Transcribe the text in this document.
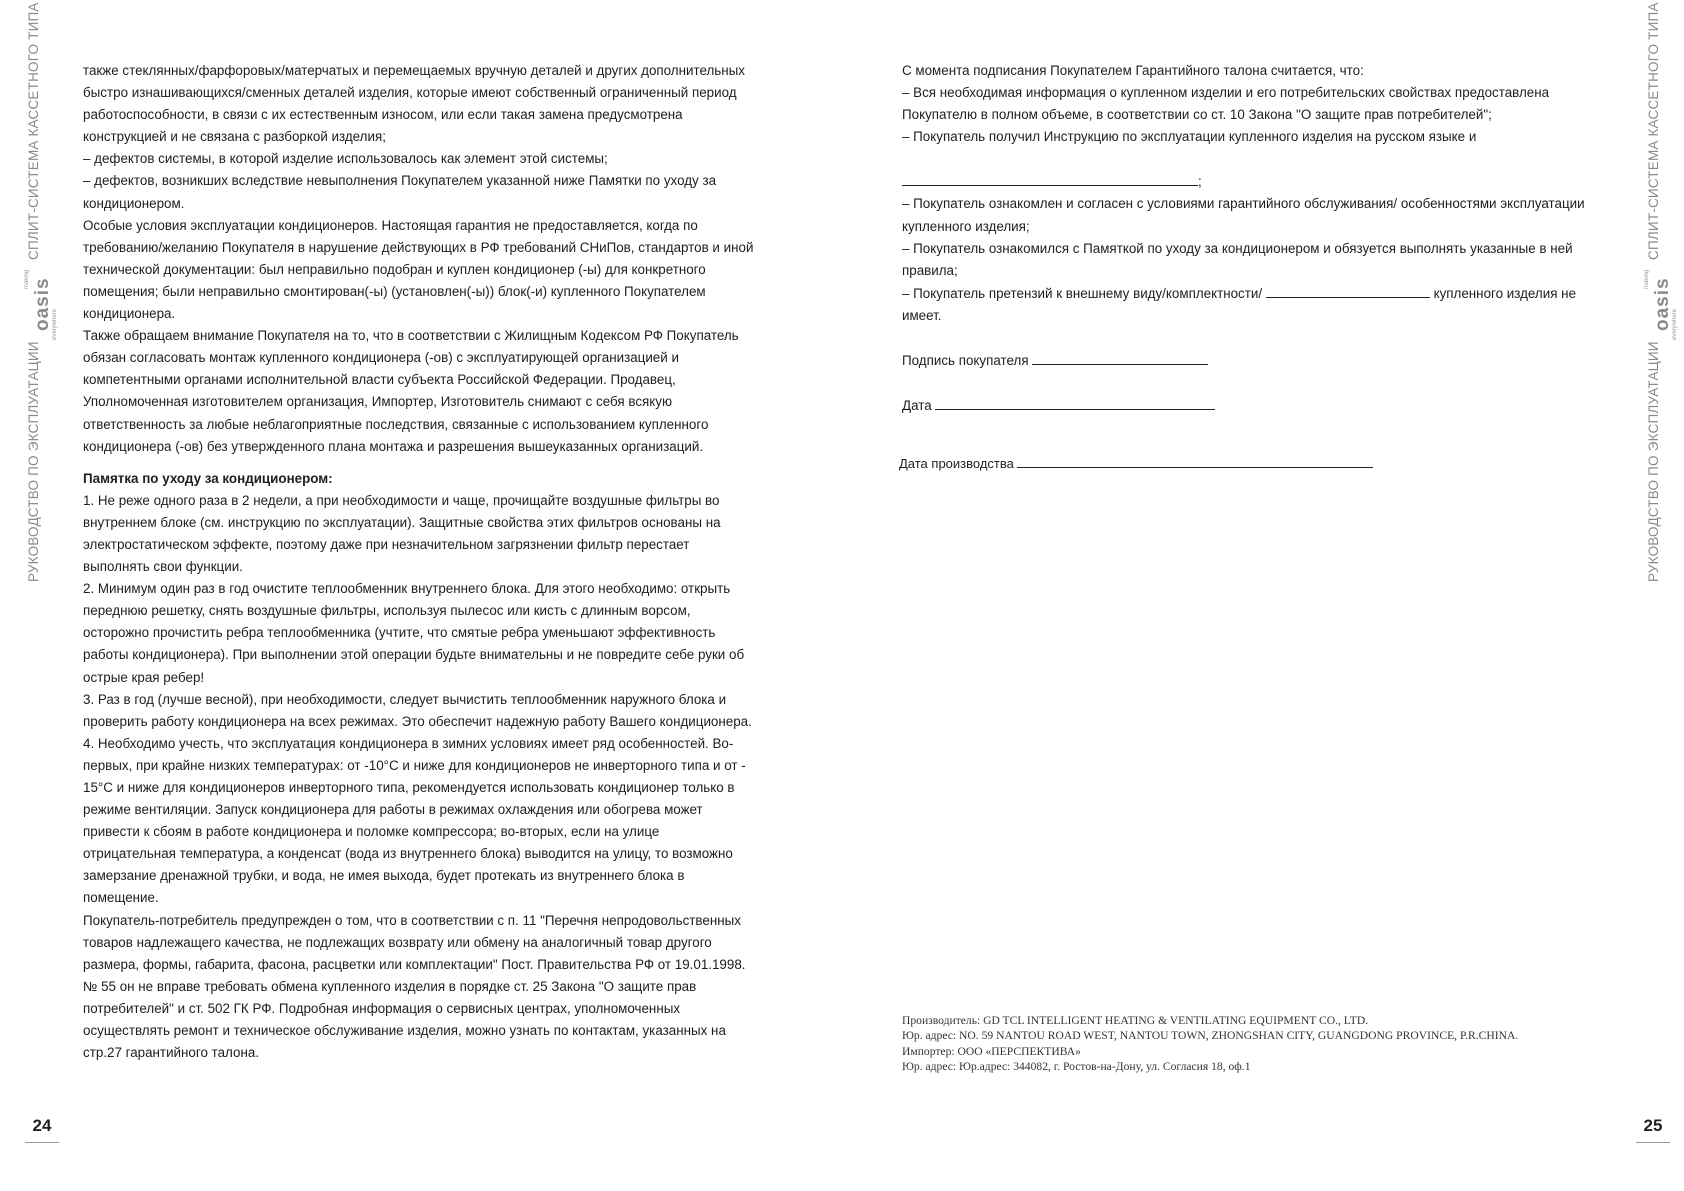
РУКОВОДСТВО ПО ЭКСПЛУАТАЦИИ
making oasis everywhere
СПЛИТ-СИСТЕМА КАССЕТНОГО ТИПА	также стеклянных/фарфоровых/матерчатых и перемещаемых вручную деталей и других дополнительных быстро изнашивающихся/сменных деталей изделия, которые имеют собственный ограниченный период работоспособности, в связи с их естественным износом, или если такая замена предусмотрена конструкцией и не связана с разборкой изделия;

– дефектов системы, в которой изделие использовалось как элемент этой системы;

– дефектов, возникших вследствие невыполнения Покупателем указанной ниже Памятки по уходу за кондиционером.

Особые условия эксплуатации кондиционеров. Настоящая гарантия не предоставляется, когда по требованию/желанию Покупателя в нарушение действующих в РФ требований СНиПов, стандартов и иной технической документации: был неправильно подобран и куплен кондиционер (-ы) для конкретного помещения; были неправильно смонтирован(-ы) (установлен(-ы)) блок(-и) купленного Покупателем кондиционера.

Также обращаем внимание Покупателя на то, что в соответствии с Жилищным Кодексом РФ Покупатель обязан согласовать монтаж купленного кондиционера (-ов) с эксплуатирующей организацией и компетентными органами исполнительной власти субъекта Российской Федерации. Продавец, Уполномоченная изготовителем организация, Импортер, Изготовитель снимают с себя всякую ответственность за любые неблагоприятные последствия, связанные с использованием купленного кондиционера (-ов) без утвержденного плана монтажа и разрешения вышеуказанных организаций.

Памятка по уходу за кондиционером:

1. Не реже одного раза в 2 недели, а при необходимости и чаще, прочищайте воздушные фильтры во внутреннем блоке (см. инструкцию по эксплуатации). Защитные свойства этих фильтров основаны на электростатическом эффекте, поэтому даже при незначительном загрязнении фильтр перестает выполнять свои функции.

2. Минимум один раз в год очистите теплообменник внутреннего блока. Для этого необходимо: открыть переднюю решетку, снять воздушные фильтры, используя пылесос или кисть с длинным ворсом, осторожно прочистить ребра теплообменника (учтите, что смятые ребра уменьшают эффективность работы кондиционера). При выполнении этой операции будьте внимательны и не повредите себе руки об острые края ребер!

3. Раз в год (лучше весной), при необходимости, следует вычистить теплообменник наружного блока и проверить работу кондиционера на всех режимах. Это обеспечит надежную работу Вашего кондиционера.

4. Необходимо учесть, что эксплуатация кондиционера в зимних условиях имеет ряд особенностей. Во-первых, при крайне низких температурах: от -10°С и ниже для кондиционеров не инверторного типа и от - 15°С и ниже для кондиционеров инверторного типа, рекомендуется использовать кондиционер только в режиме вентиляции. Запуск кондиционера для работы в режимах охлаждения или обогрева может привести к сбоям в работе кондиционера и поломке компрессора; во-вторых, если на улице отрицательная температура, а конденсат (вода из внутреннего блока) выводится на улицу, то возможно замерзание дренажной трубки, и вода, не имея выхода, будет протекать из внутреннего блока в помещение.

Покупатель-потребитель предупрежден о том, что в соответствии с п. 11 "Перечня непродовольственных товаров надлежащего качества, не подлежащих возврату или обмену на аналогичный товар другого размера, формы, габарита, фасона, расцветки или комплектации" Пост. Правительства РФ от 19.01.1998. № 55 он не вправе требовать обмена купленного изделия в порядке ст. 25 Закона "О защите прав потребителей" и ст. 502 ГК РФ. Подробная информация о сервисных центрах, уполномоченных осуществлять ремонт и техническое обслуживание изделия, можно узнать по контактам, указанных на стр.27 гарантийного талона.

24

С момента подписания Покупателем Гарантийного талона считается, что:

– Вся необходимая информация о купленном изделии и его потребительских свойствах предоставлена Покупателю в полном объеме, в соответствии со ст. 10 Закона "О защите прав потребителей";

– Покупатель получил Инструкцию по эксплуатации купленного изделия на русском языке и

;

– Покупатель ознакомлен и согласен с условиями гарантийного обслуживания/ особенностями эксплуатации купленного изделия;

– Покупатель ознакомился с Памяткой по уходу за кондиционером и обязуется выполнять указанные в ней правила;

– Покупатель претензий к внешнему виду/комплектности/	купленного изделия не имеет.

Подпись покупателя
Дата
Дата производства

Производитель: GD TCL INTELLIGENT HEATING & VENTILATING EQUIPMENT CO., LTD.

Юр. адрес: NO. 59 NANTOU ROAD WEST, NANTOU TOWN, ZHONGSHAN CITY, GUANGDONG PROVINCE, P.R.CHINA.

Импортер: ООО «ПЕРСПЕКТИВА»

Юр. адрес: Юр.адрес: 344082, г. Ростов-на-Дону, ул. Согласия 18, оф.1

РУКОВОДСТВО ПО ЭКСПЛУАТАЦИИ
making oasis everywhere
СПЛИТ-СИСТЕМА КАССЕТНОГО ТИПА
25
